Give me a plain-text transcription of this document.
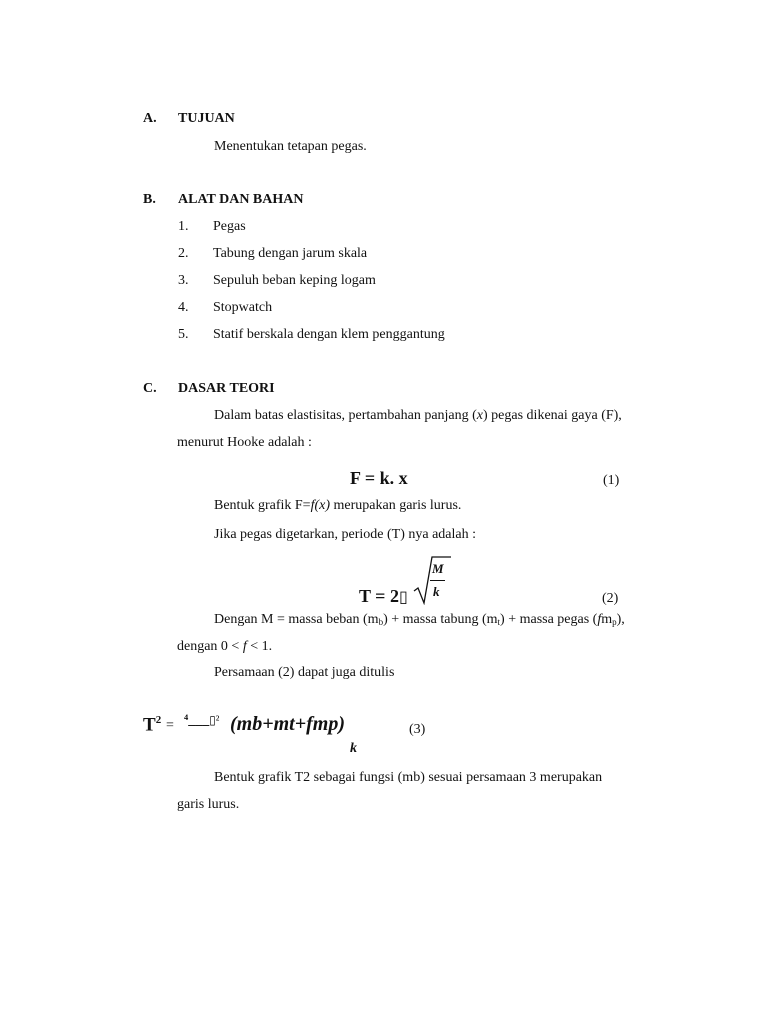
A. TUJUAN
Menentukan tetapan pegas.
B. ALAT DAN BAHAN
1. Pegas
2. Tabung dengan jarum skala
3. Sepuluh beban keping logam
4. Stopwatch
5. Statif berskala dengan klem penggantung
C. DASAR TEORI
Dalam batas elastisitas, pertambahan panjang (x) pegas dikenai gaya (F),
menurut Hooke adalah :
F = k. x	(1)
Bentuk grafik F=f(x) merupakan garis lurus.
Jika pegas digetarkan, periode (T) nya adalah :
T = 2▯
M
k	(2)
Dengan M = massa beban $(m_b)$ + massa tabung $(m_t)$ + massa pegas $(fm_p)$,
dengan 0 < f < 1.
Persamaan (2) dapat juga ditulis
$T^2$ = ⁴___▯² (mb+mt+fmp)
k
(3)
Bentuk grafik T2 sebagai fungsi (mb) sesuai persamaan 3 merupakan
garis lurus.
